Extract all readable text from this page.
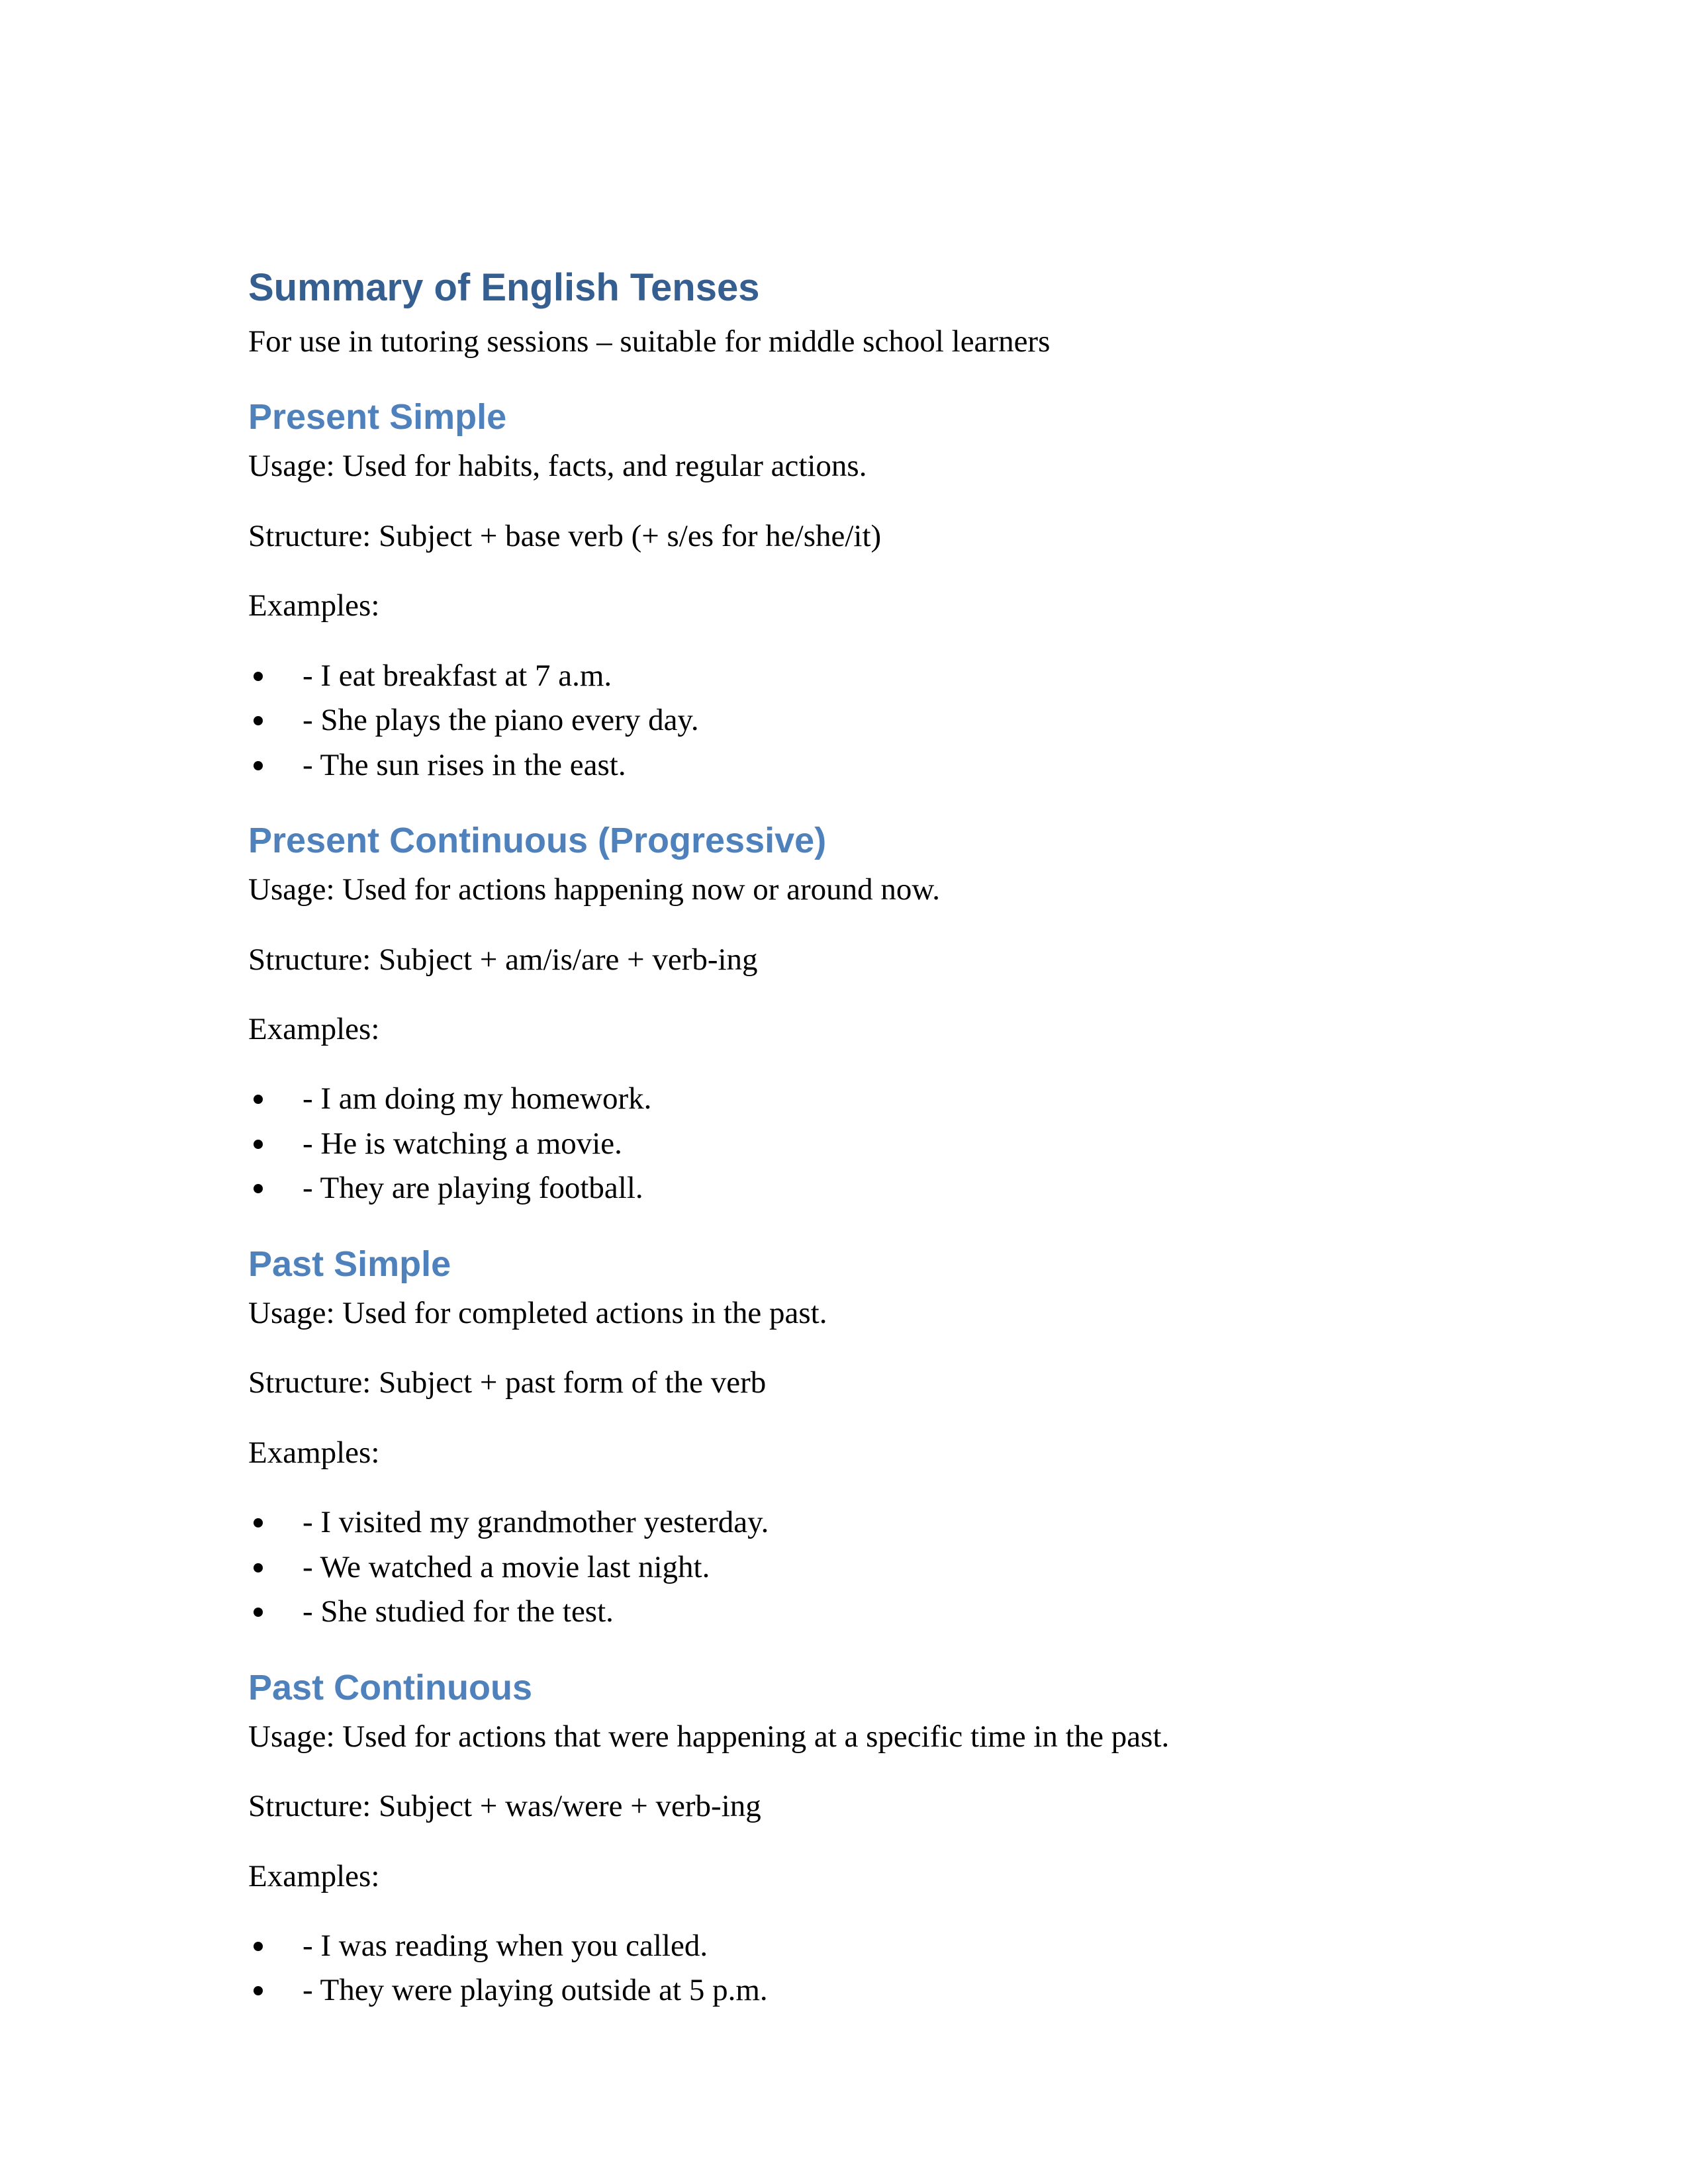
Summary of English Tenses

For use in tutoring sessions – suitable for middle school learners

Present Simple

Usage: Used for habits, facts, and regular actions.

Structure: Subject + base verb (+ s/es for he/she/it)

Examples:

- I eat breakfast at 7 a.m.
- She plays the piano every day.
- The sun rises in the east.
Present Continuous (Progressive)

Usage: Used for actions happening now or around now.

Structure: Subject + am/is/are + verb-ing

Examples:

- I am doing my homework.
- He is watching a movie.
- They are playing football.
Past Simple

Usage: Used for completed actions in the past.

Structure: Subject + past form of the verb

Examples:

- I visited my grandmother yesterday.
- We watched a movie last night.
- She studied for the test.
Past Continuous

Usage: Used for actions that were happening at a specific time in the past.

Structure: Subject + was/were + verb-ing

Examples:

- I was reading when you called.
- They were playing outside at 5 p.m.
